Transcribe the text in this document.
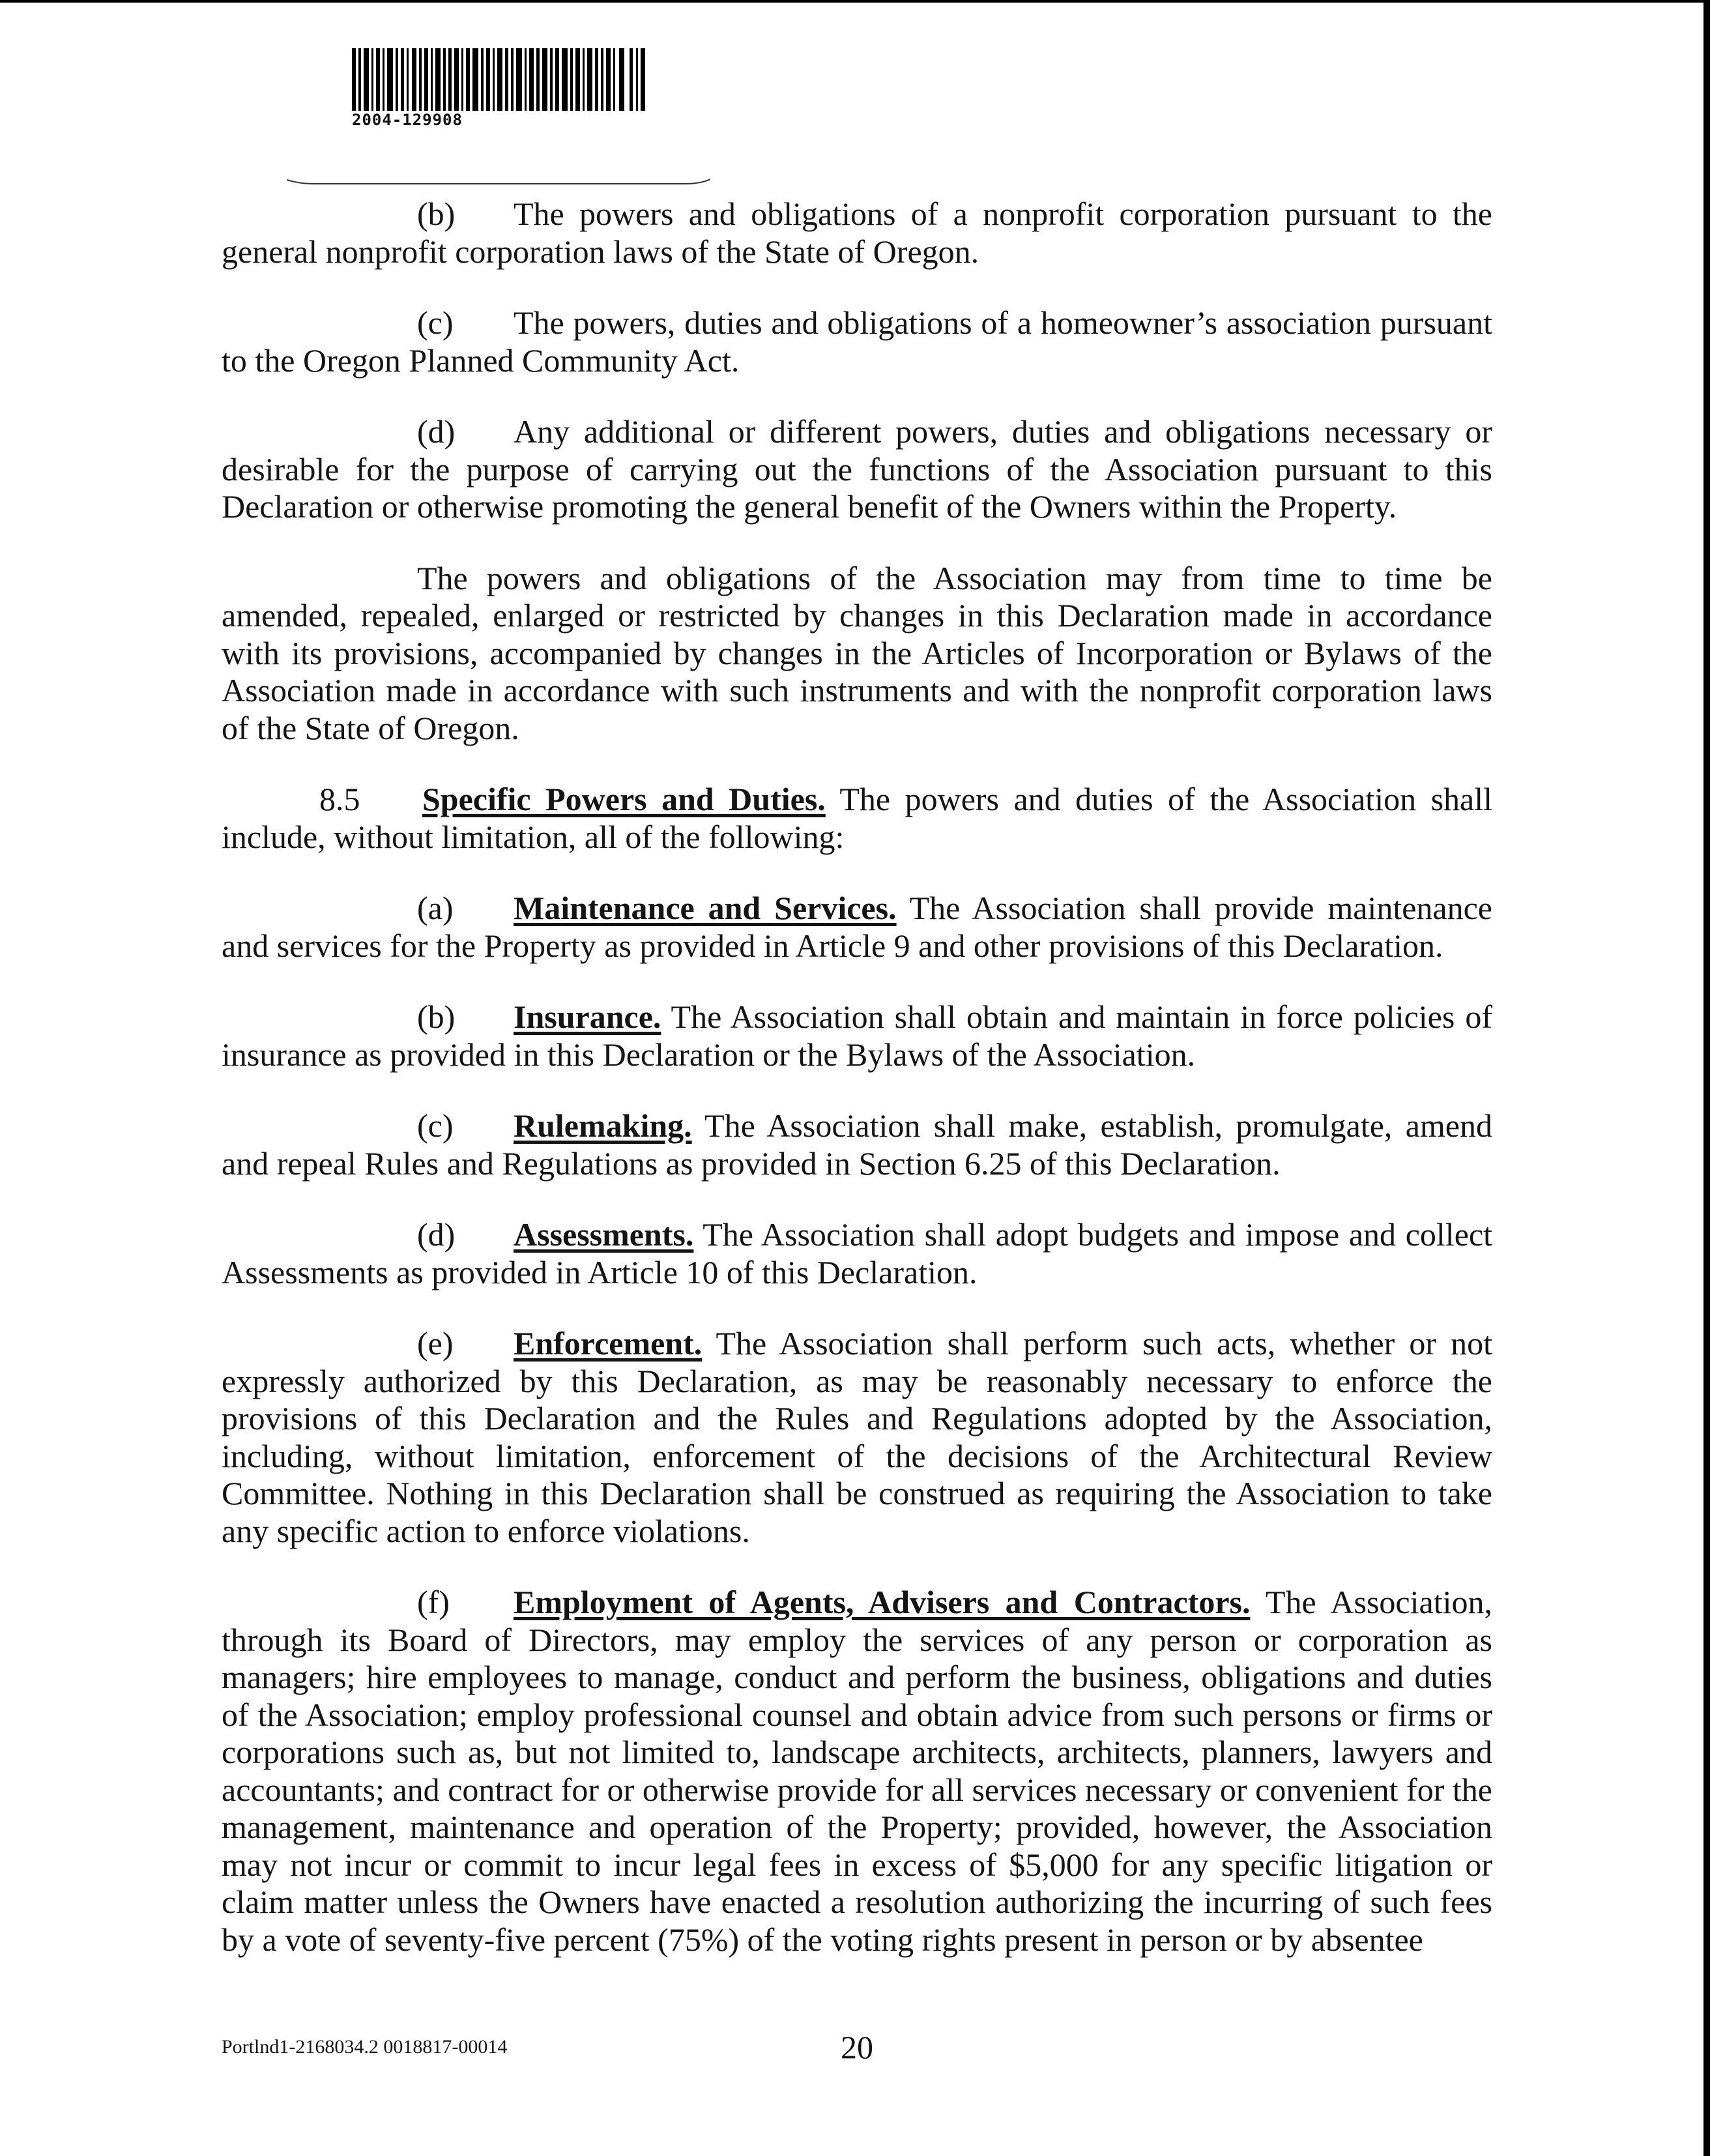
2004-129908

(b) The powers and obligations of a nonprofit corporation pursuant to the general nonprofit corporation laws of the State of Oregon.

(c) The powers, duties and obligations of a homeowner’s association pursuant to the Oregon Planned Community Act.

(d) Any additional or different powers, duties and obligations necessary or desirable for the purpose of carrying out the functions of the Association pursuant to this Declaration or otherwise promoting the general benefit of the Owners within the Property.

The powers and obligations of the Association may from time to time be amended, repealed, enlarged or restricted by changes in this Declaration made in accordance with its provisions, accompanied by changes in the Articles of Incorporation or Bylaws of the Association made in accordance with such instruments and with the nonprofit corporation laws of the State of Oregon.

8.5 Specific Powers and Duties. The powers and duties of the Association shall include, without limitation, all of the following:

(a) Maintenance and Services. The Association shall provide maintenance and services for the Property as provided in Article 9 and other provisions of this Declaration.

(b) Insurance. The Association shall obtain and maintain in force policies of insurance as provided in this Declaration or the Bylaws of the Association.

(c) Rulemaking. The Association shall make, establish, promulgate, amend and repeal Rules and Regulations as provided in Section 6.25 of this Declaration.

(d) Assessments. The Association shall adopt budgets and impose and collect Assessments as provided in Article 10 of this Declaration.

(e) Enforcement. The Association shall perform such acts, whether or not expressly authorized by this Declaration, as may be reasonably necessary to enforce the provisions of this Declaration and the Rules and Regulations adopted by the Association, including, without limitation, enforcement of the decisions of the Architectural Review Committee. Nothing in this Declaration shall be construed as requiring the Association to take any specific action to enforce violations.

(f) Employment of Agents, Advisers and Contractors. The Association, through its Board of Directors, may employ the services of any person or corporation as managers; hire employees to manage, conduct and perform the business, obligations and duties of the Association; employ professional counsel and obtain advice from such persons or firms or corporations such as, but not limited to, landscape architects, architects, planners, lawyers and accountants; and contract for or otherwise provide for all services necessary or convenient for the management, maintenance and operation of the Property; provided, however, the Association may not incur or commit to incur legal fees in excess of $5,000 for any specific litigation or claim matter unless the Owners have enacted a resolution authorizing the incurring of such fees by a vote of seventy-five percent (75%) of the voting rights present in person or by absentee

Portlnd1-2168034.2 0018817-00014	20
